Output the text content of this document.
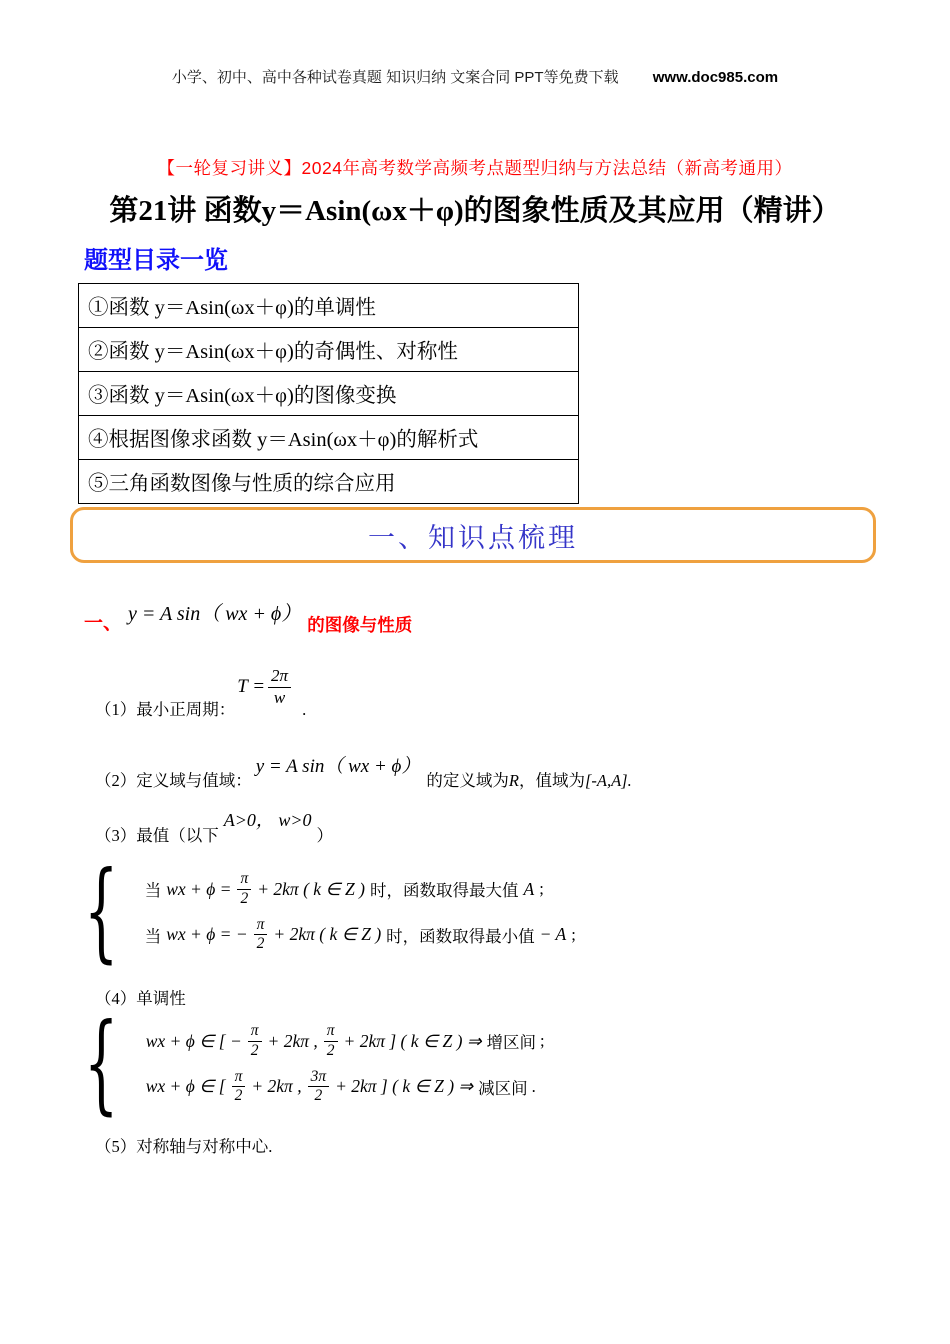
小学、初中、高中各种试卷真题 知识归纳 文案合同 PPT等免费下载 www.doc985.com
【一轮复习讲义】2024年高考数学高频考点题型归纳与方法总结（新高考通用）
第21讲 函数y＝Asin(ωx＋φ)的图象性质及其应用（精讲）
题型目录一览
①函数 y＝Asin(ωx＋φ)的单调性
②函数 y＝Asin(ωx＋φ)的奇偶性、对称性
③函数 y＝Asin(ωx＋φ)的图像变换
④根据图像求函数 y＝Asin(ωx＋φ)的解析式
⑤三角函数图像与性质的综合应用
一、知识点梳理
一、 y = A sin（ wx + ϕ） 的图像与性质
（1）最小正周期：
$T = \frac{2\pi}{w}$
.
（2）定义域与值域：
y = A sin（ wx + ϕ）
的定义域为 R ，值域为 [-A,A].
（3）最值（以下
A>0， w>0
）
{ 当 wx + $\phi = \frac{\pi}{2} + 2k\pi$ ( k ∈ Z ) 时，函数取得最大值 A ;
当 wx + ϕ = − $\frac{\pi}{2} + 2k\pi$ ( k ∈ Z ) 时，函数取得最小值 − A ;
（4）单调性
{ wx + ϕ ∈ [ − $\frac{\pi}{2} + 2k\pi$ , $\frac{\pi}{2} + 2k\pi$ ] ( k ∈ Z ) ⇒ 增区间 ;
wx + ϕ ∈ [ $\frac{\pi}{2} + 2k\pi$ , $\frac{3\pi}{2} + 2k\pi$ ] ( k ∈ Z ) ⇒ 减区间 .
（5）对称轴与对称中心.
